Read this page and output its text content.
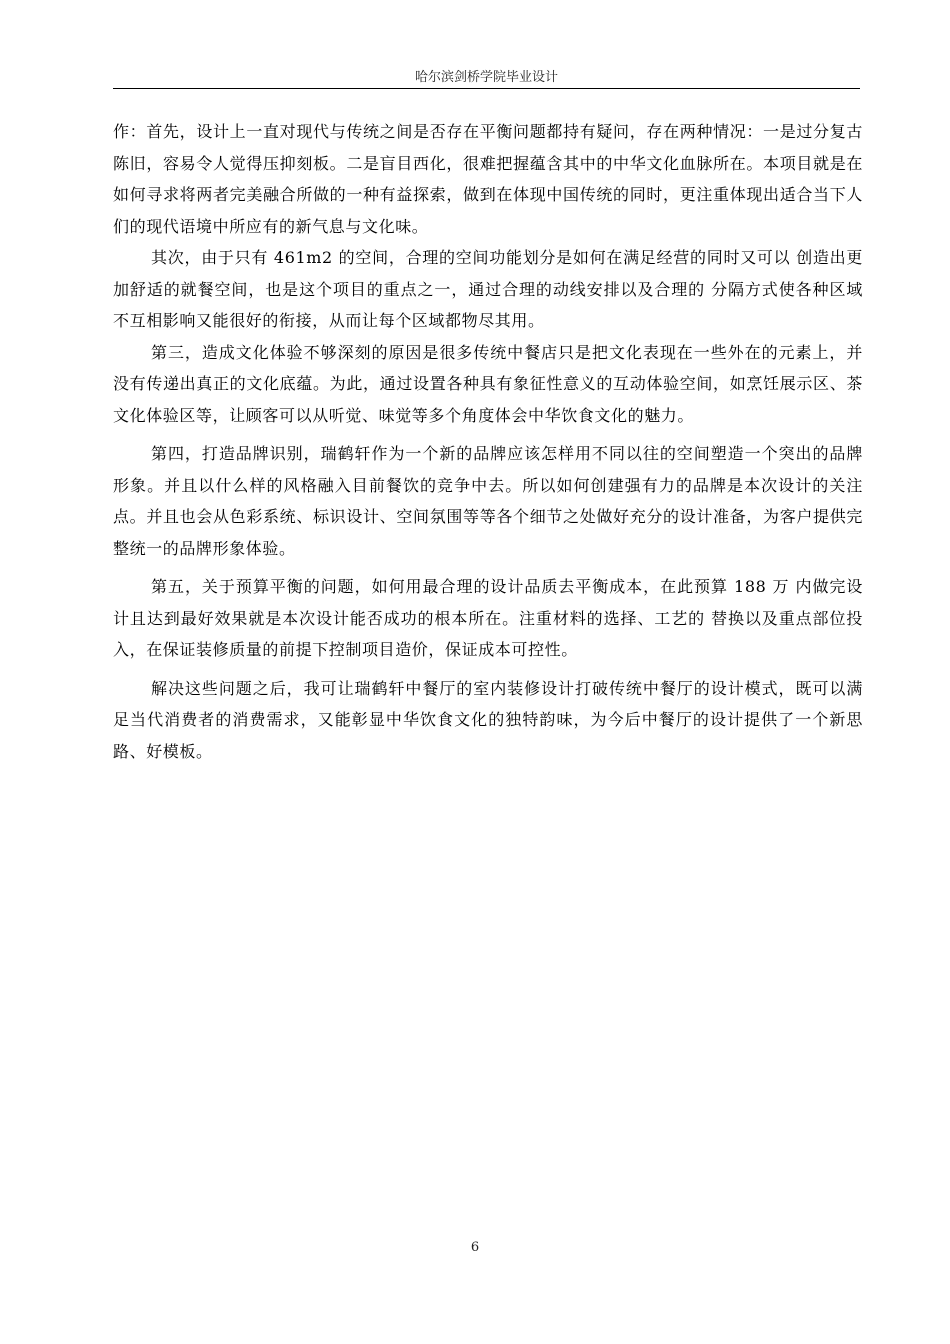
哈尔滨剑桥学院毕业设计

作：首先，设计上一直对现代与传统之间是否存在平衡问题都持有疑问，存在两种情况：一是过分复古陈旧，容易令人觉得压抑刻板。二是盲目西化，很难把握蕴含其中的中华文化血脉所在。本项目就是在如何寻求将两者完美融合所做的一种有益探索，做到在体现中国传统的同时，更注重体现出适合当下人们的现代语境中所应有的新气息与文化味。

其次，由于只有 461m2 的空间，合理的空间功能划分是如何在满足经营的同时又可以 创造出更加舒适的就餐空间，也是这个项目的重点之一，通过合理的动线安排以及合理的 分隔方式使各种区域不互相影响又能很好的衔接，从而让每个区域都物尽其用。

第三，造成文化体验不够深刻的原因是很多传统中餐店只是把文化表现在一些外在的元素上，并没有传递出真正的文化底蕴。为此，通过设置各种具有象征性意义的互动体验空间，如烹饪展示区、茶文化体验区等，让顾客可以从听觉、味觉等多个角度体会中华饮食文化的魅力。

第四，打造品牌识别，瑞鹤轩作为一个新的品牌应该怎样用不同以往的空间塑造一个突出的品牌形象。并且以什么样的风格融入目前餐饮的竞争中去。所以如何创建强有力的品牌是本次设计的关注点。并且也会从色彩系统、标识设计、空间氛围等等各个细节之处做好充分的设计准备，为客户提供完整统一的品牌形象体验。

第五，关于预算平衡的问题，如何用最合理的设计品质去平衡成本，在此预算 188 万 内做完设计且达到最好效果就是本次设计能否成功的根本所在。注重材料的选择、工艺的 替换以及重点部位投入，在保证装修质量的前提下控制项目造价，保证成本可控性。

解决这些问题之后，我可让瑞鹤轩中餐厅的室内装修设计打破传统中餐厅的设计模式，既可以满足当代消费者的消费需求，又能彰显中华饮食文化的独特韵味，为今后中餐厅的设计提供了一个新思路、好模板。

6
